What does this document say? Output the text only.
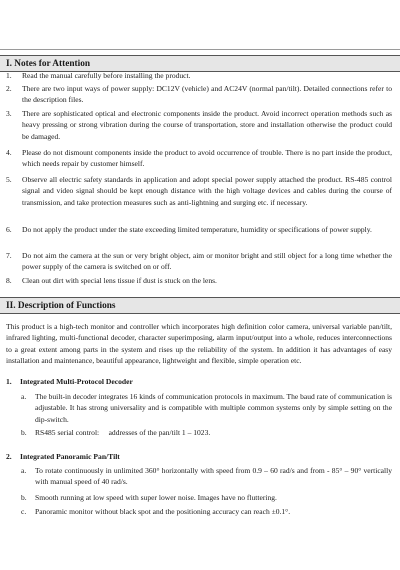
I. Notes for Attention
1. Read the manual carefully before installing the product.

2. There are two input ways of power supply: DC12V (vehicle) and AC24V (normal pan/tilt). Detailed connections refer to the description files.

3. There are sophisticated optical and electronic components inside the product. Avoid incorrect operation methods such as heavy pressing or strong vibration during the course of transportation, store and installation otherwise the product could be damaged.

4. Please do not dismount components inside the product to avoid occurrence of trouble. There is no part inside the product, which needs repair by customer himself.

5. Observe all electric safety standards in application and adopt special power supply attached the product. RS-485 control signal and video signal should be kept enough distance with the high voltage devices and cables during the course of transmission, and take protection measures such as anti-lightning and surging etc. if necessary.

6. Do not apply the product under the state exceeding limited temperature, humidity or specifications of power supply.

7. Do not aim the camera at the sun or very bright object, aim or monitor bright and still object for a long time whether the power supply of the camera is switched on or off.

8. Clean out dirt with special lens tissue if dust is stuck on the lens.

II. Description of Functions

This product is a high-tech monitor and controller which incorporates high definition color camera, universal variable pan/tilt, infrared lighting, multi-functional decoder, character superimposing, alarm input/output into a whole, reduces interconnections to a great extent among parts in the system and rises up the reliability of the system. In addition it has advantages of easy installation and maintenance, beautiful appearance, lightweight and flexible, simple operation etc.

1. Integrated Multi-Protocol Decoder
a. The built-in decoder integrates 16 kinds of communication protocols in maximum. The baud rate of communication is adjustable. It has strong universality and is compatible with multiple common systems only by simple setting on the dip-switch.

b. RS485 serial control:     addresses of the pan/tilt 1 – 1023.

2. Integrated Panoramic Pan/Tilt
a. To rotate continuously in unlimited 360° horizontally with speed from 0.9 – 60 rad/s and from - 85° – 90° vertically with manual speed of 40 rad/s.

b. Smooth running at low speed with super lower noise. Images have no fluttering.

c. Panoramic monitor without black spot and the positioning accuracy can reach ±0.1°.
